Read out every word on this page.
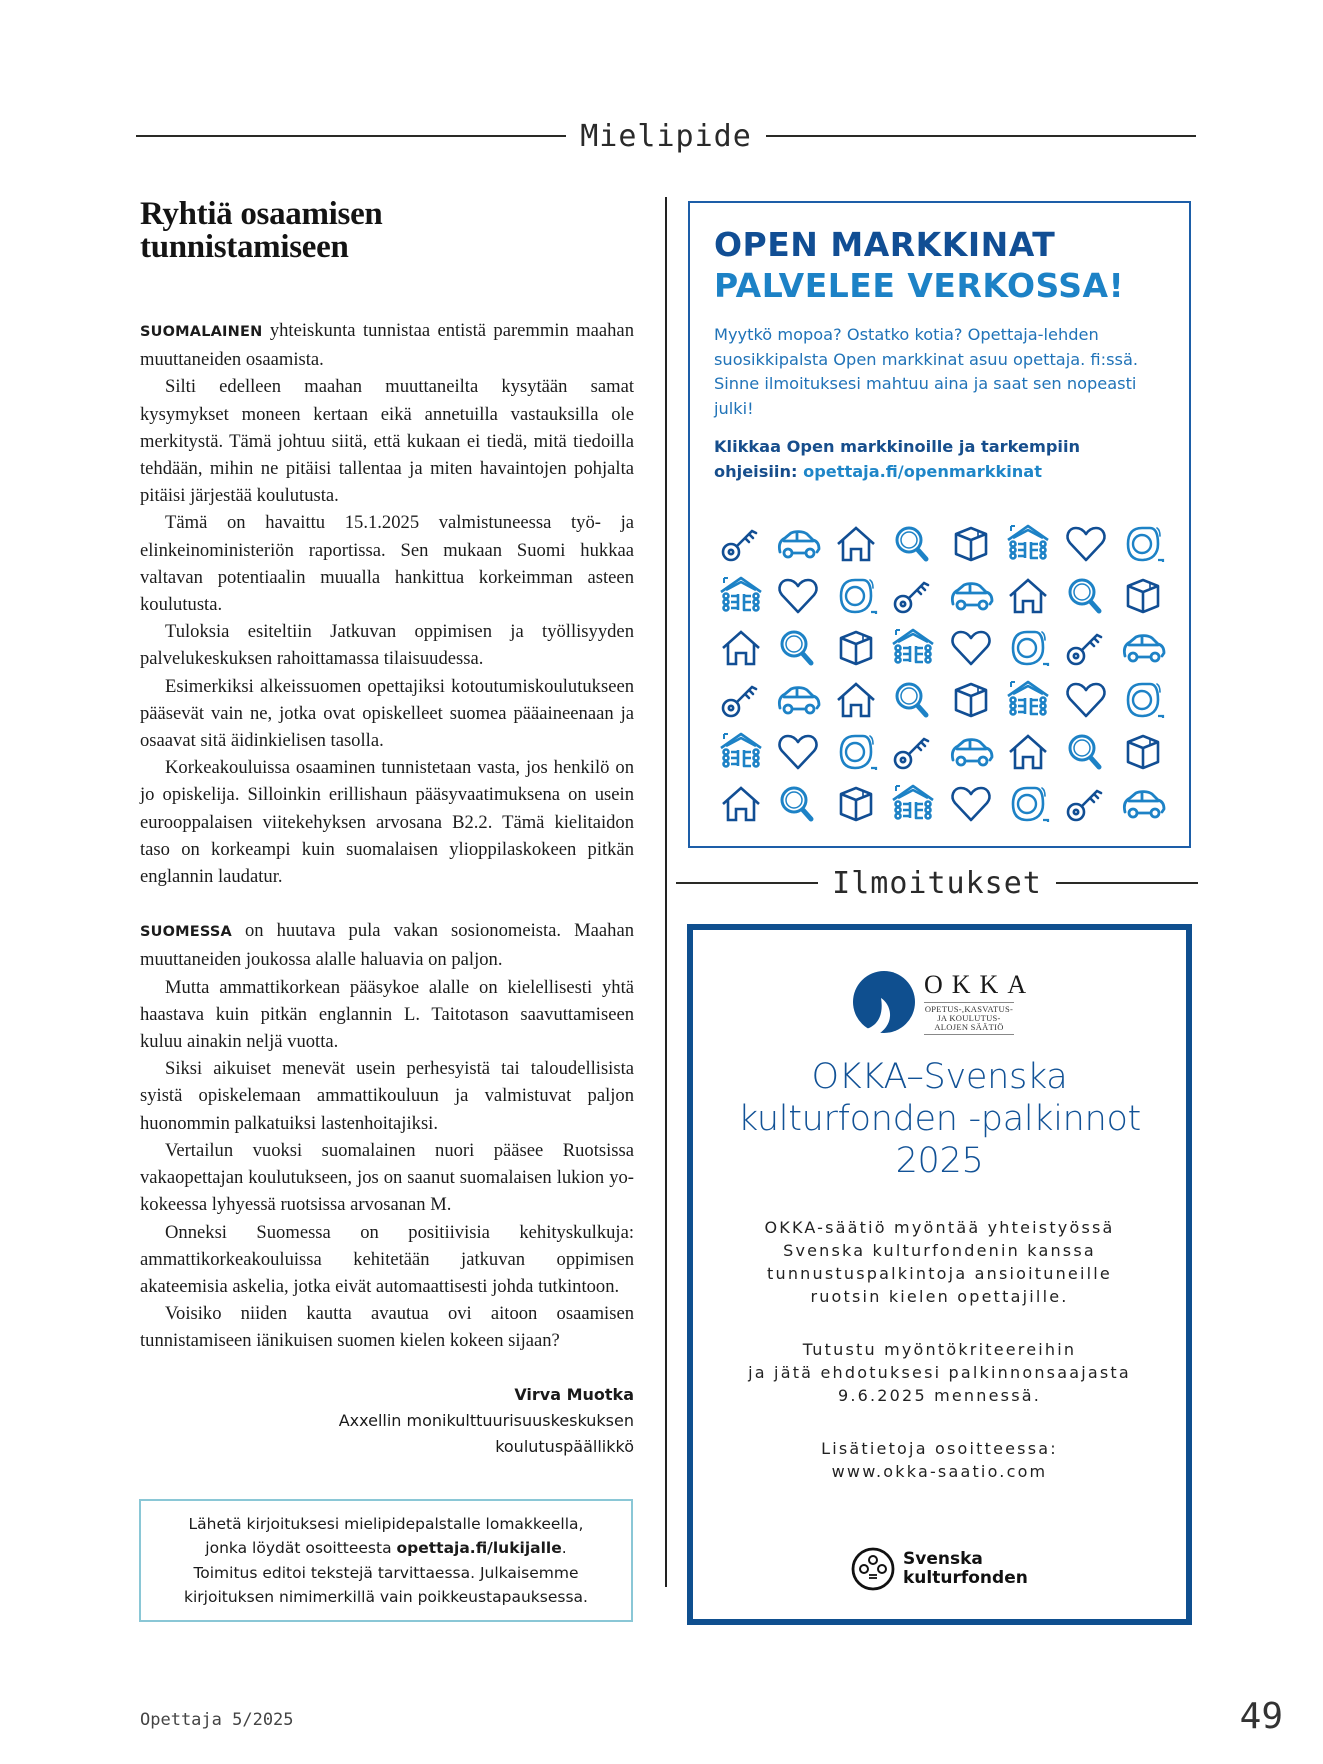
Mielipide
Ryhtiä osaamisen
tunnistamiseen

SUOMALAINEN yhteiskunta tunnistaa entistä paremmin maahan muuttaneiden osaamista.

Silti edelleen maahan muuttaneilta kysytään samat kysymykset moneen kertaan eikä annetuilla vastauksilla ole merkitystä. Tämä johtuu siitä, että kukaan ei tiedä, mitä tiedoilla tehdään, mihin ne pitäisi tallentaa ja miten havaintojen pohjalta pitäisi järjestää koulutusta.

Tämä on havaittu 15.1.2025 valmistuneessa työ- ja elinkeinoministeriön raportissa. Sen mukaan Suomi hukkaa valtavan potentiaalin muualla hankittua korkeimman asteen koulutusta.

Tuloksia esiteltiin Jatkuvan oppimisen ja työllisyyden palvelukeskuksen rahoittamassa tilaisuudessa.

Esimerkiksi alkeissuomen opettajiksi kotoutumiskoulutukseen pääsevät vain ne, jotka ovat opiskelleet suomea pääaineenaan ja osaavat sitä äidinkielisen tasolla.

Korkeakouluissa osaaminen tunnistetaan vasta, jos henkilö on jo opiskelija. Silloinkin erillishaun pääsyvaatimuksena on usein eurooppalaisen viitekehyksen arvosana B2.2. Tämä kielitaidon taso on korkeampi kuin suomalaisen ylioppilaskokeen pitkän englannin laudatur.

SUOMESSA on huutava pula vakan sosionomeista. Maahan muuttaneiden joukossa alalle haluavia on paljon.

Mutta ammattikorkean pääsykoe alalle on kielellisesti yhtä haastava kuin pitkän englannin L. Taitotason saavuttamiseen kuluu ainakin neljä vuotta.

Siksi aikuiset menevät usein perhesyistä tai taloudellisista syistä opiskelemaan ammattikouluun ja valmistuvat paljon huonommin palkatuiksi lastenhoitajiksi.

Vertailun vuoksi suomalainen nuori pääsee Ruotsissa vakaopettajan koulutukseen, jos on saanut suomalaisen lukion yo-kokeessa lyhyessä ruotsissa arvosanan M.

Onneksi Suomessa on positiivisia kehityskulkuja: ammattikorkeakouluissa kehitetään jatkuvan oppimisen akateemisia askelia, jotka eivät automaattisesti johda tutkintoon.

Voisiko niiden kautta avautua ovi aitoon osaamisen tunnistamiseen iänikuisen suomen kielen kokeen sijaan?

Virva Muotka
Axxellin monikulttuurisuuskeskuksen
koulutuspäällikkö
Lähetä kirjoituksesi mielipidepalstalle lomakkeella,
jonka löydät osoitteesta opettaja.fi/lukijalle.
Toimitus editoi tekstejä tarvittaessa. Julkaisemme
kirjoituksen nimimerkillä vain poikkeustapauksessa.
OPEN MARKKINAT
PALVELEE VERKOSSA!
Myytkö mopoa? Ostatko kotia? Opettaja-lehden suosikkipalsta Open markkinat asuu opettaja. fi:ssä. Sinne ilmoituksesi mahtuu aina ja saat sen nopeasti julki!
Klikkaa Open markkinoille ja tarkempiin ohjeisiin: opettaja.fi/openmarkkinat
Ilmoitukset
OKKA
OPETUS-,KASVATUS-
JA KOULUTUS-
ALOJEN SÄÄTIÖ
OKKA–Svenska
kulturfonden -palkinnot
2025
OKKA-säätiö myöntää yhteistyössä
Svenska kulturfondenin kanssa
tunnustuspalkintoja ansioituneille
ruotsin kielen opettajille.
Tutustu myöntökriteereihin
ja jätä ehdotuksesi palkinnonsaajasta
9.6.2025 mennessä.
Lisätietoja osoitteessa:
www.okka-saatio.com
Svenska
kulturfonden
Opettaja 5/2025	49
